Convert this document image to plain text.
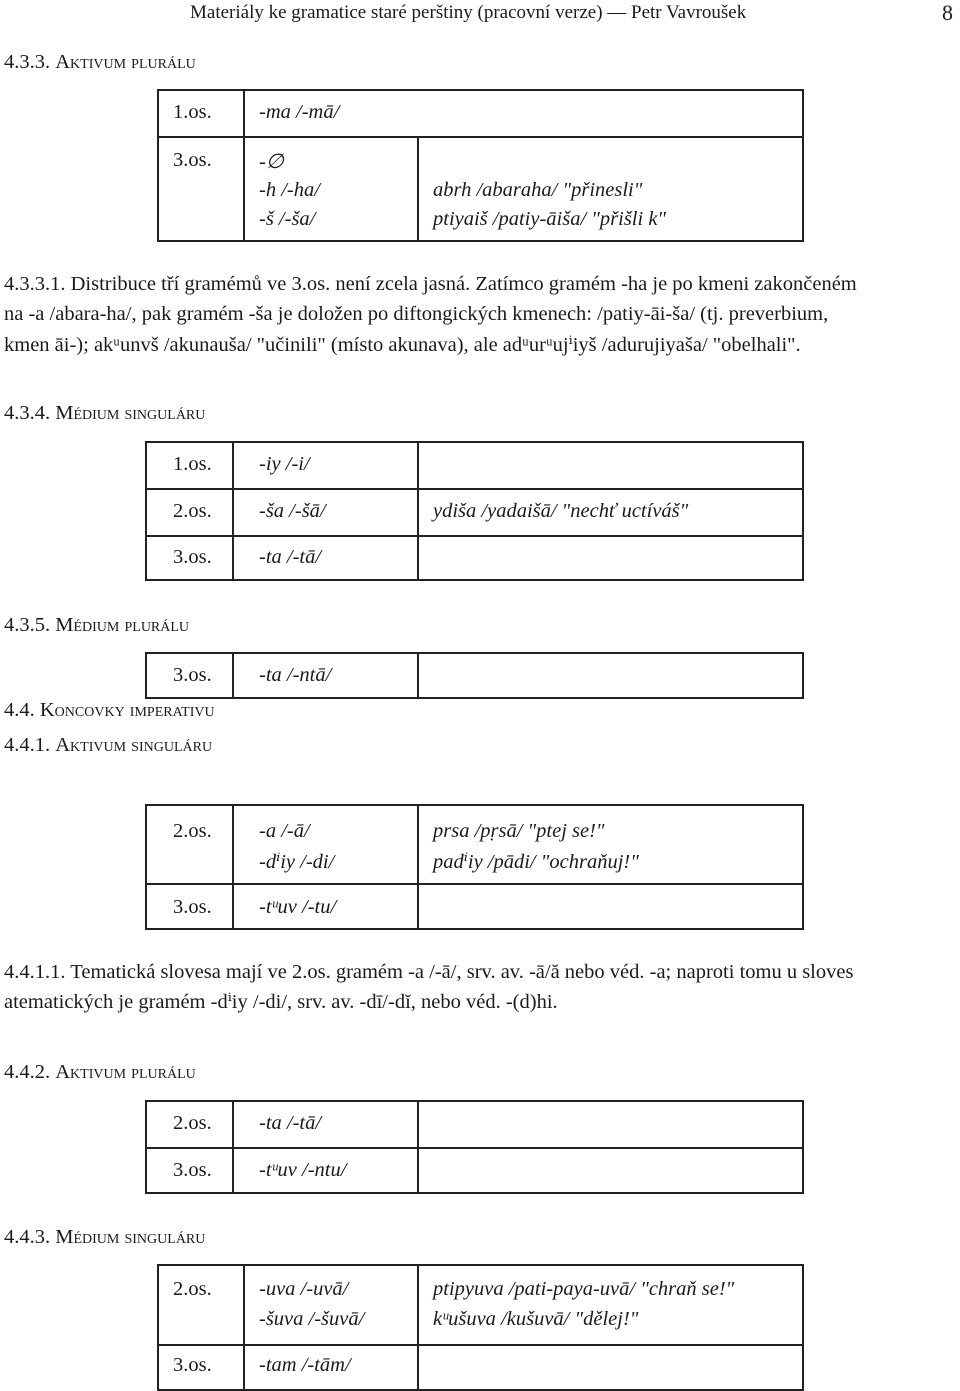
Materiály ke gramatice staré perštiny (pracovní verze) — Petr Vavroušek	8
4.3.3. Aktivum plurálu
1.os. -ma /-mā/
3.os. -∅
-h /-ha/
-š /-ša/
abrh /abaraha/ "přinesli"
ptiyaiš /patiy-āiša/ "přišli k"
4.3.3.1. Distribuce tří gramémů ve 3.os. není zcela jasná. Zatímco gramém -ha je po kmeni zakončeném
na -a /abara-ha/, pak gramém -ša je doložen po diftongických kmenech: /patiy-āi-ša/ (tj. preverbium,
kmen āi-); akᵘunvš /akunauša/ "učinili" (místo akunava), ale adᵘurᵘujⁱiyš /adurujiyaša/ "obelhali".
4.3.4. Médium singuláru
1.os. -iy /-i/
2.os. -ša /-šā/	ydiša /yadaišā/ "nechť uctíváš"
3.os. -ta /-tā/
4.3.5. Médium plurálu
3.os. -ta /-ntā/
4.4. Koncovky imperativu
4.4.1. Aktivum singuláru
2.os. -a /-ā/
-dⁱiy /-di/
prsa /pṛsā/ "ptej se!"
padⁱiy /pādi/ "ochraňuj!"
3.os. -tᵘuv /-tu/
4.4.1.1. Tematická slovesa mají ve 2.os. gramém -a /-ā/, srv. av. -ā/ă nebo véd. -a; naproti tomu u sloves
atematických je gramém -dⁱiy /-di/, srv. av. -dī/-dĭ, nebo véd. -(d)hi.
4.4.2. Aktivum plurálu
2.os. -ta /-tā/
3.os. -tᵘuv /-ntu/
4.4.3. Médium singuláru
2.os. -uva /-uvā/
-šuva /-šuvā/
ptipyuva /pati-paya-uvā/ "chraň se!"
kᵘušuva /kušuvā/ "dělej!"
3.os. -tam /-tām/
